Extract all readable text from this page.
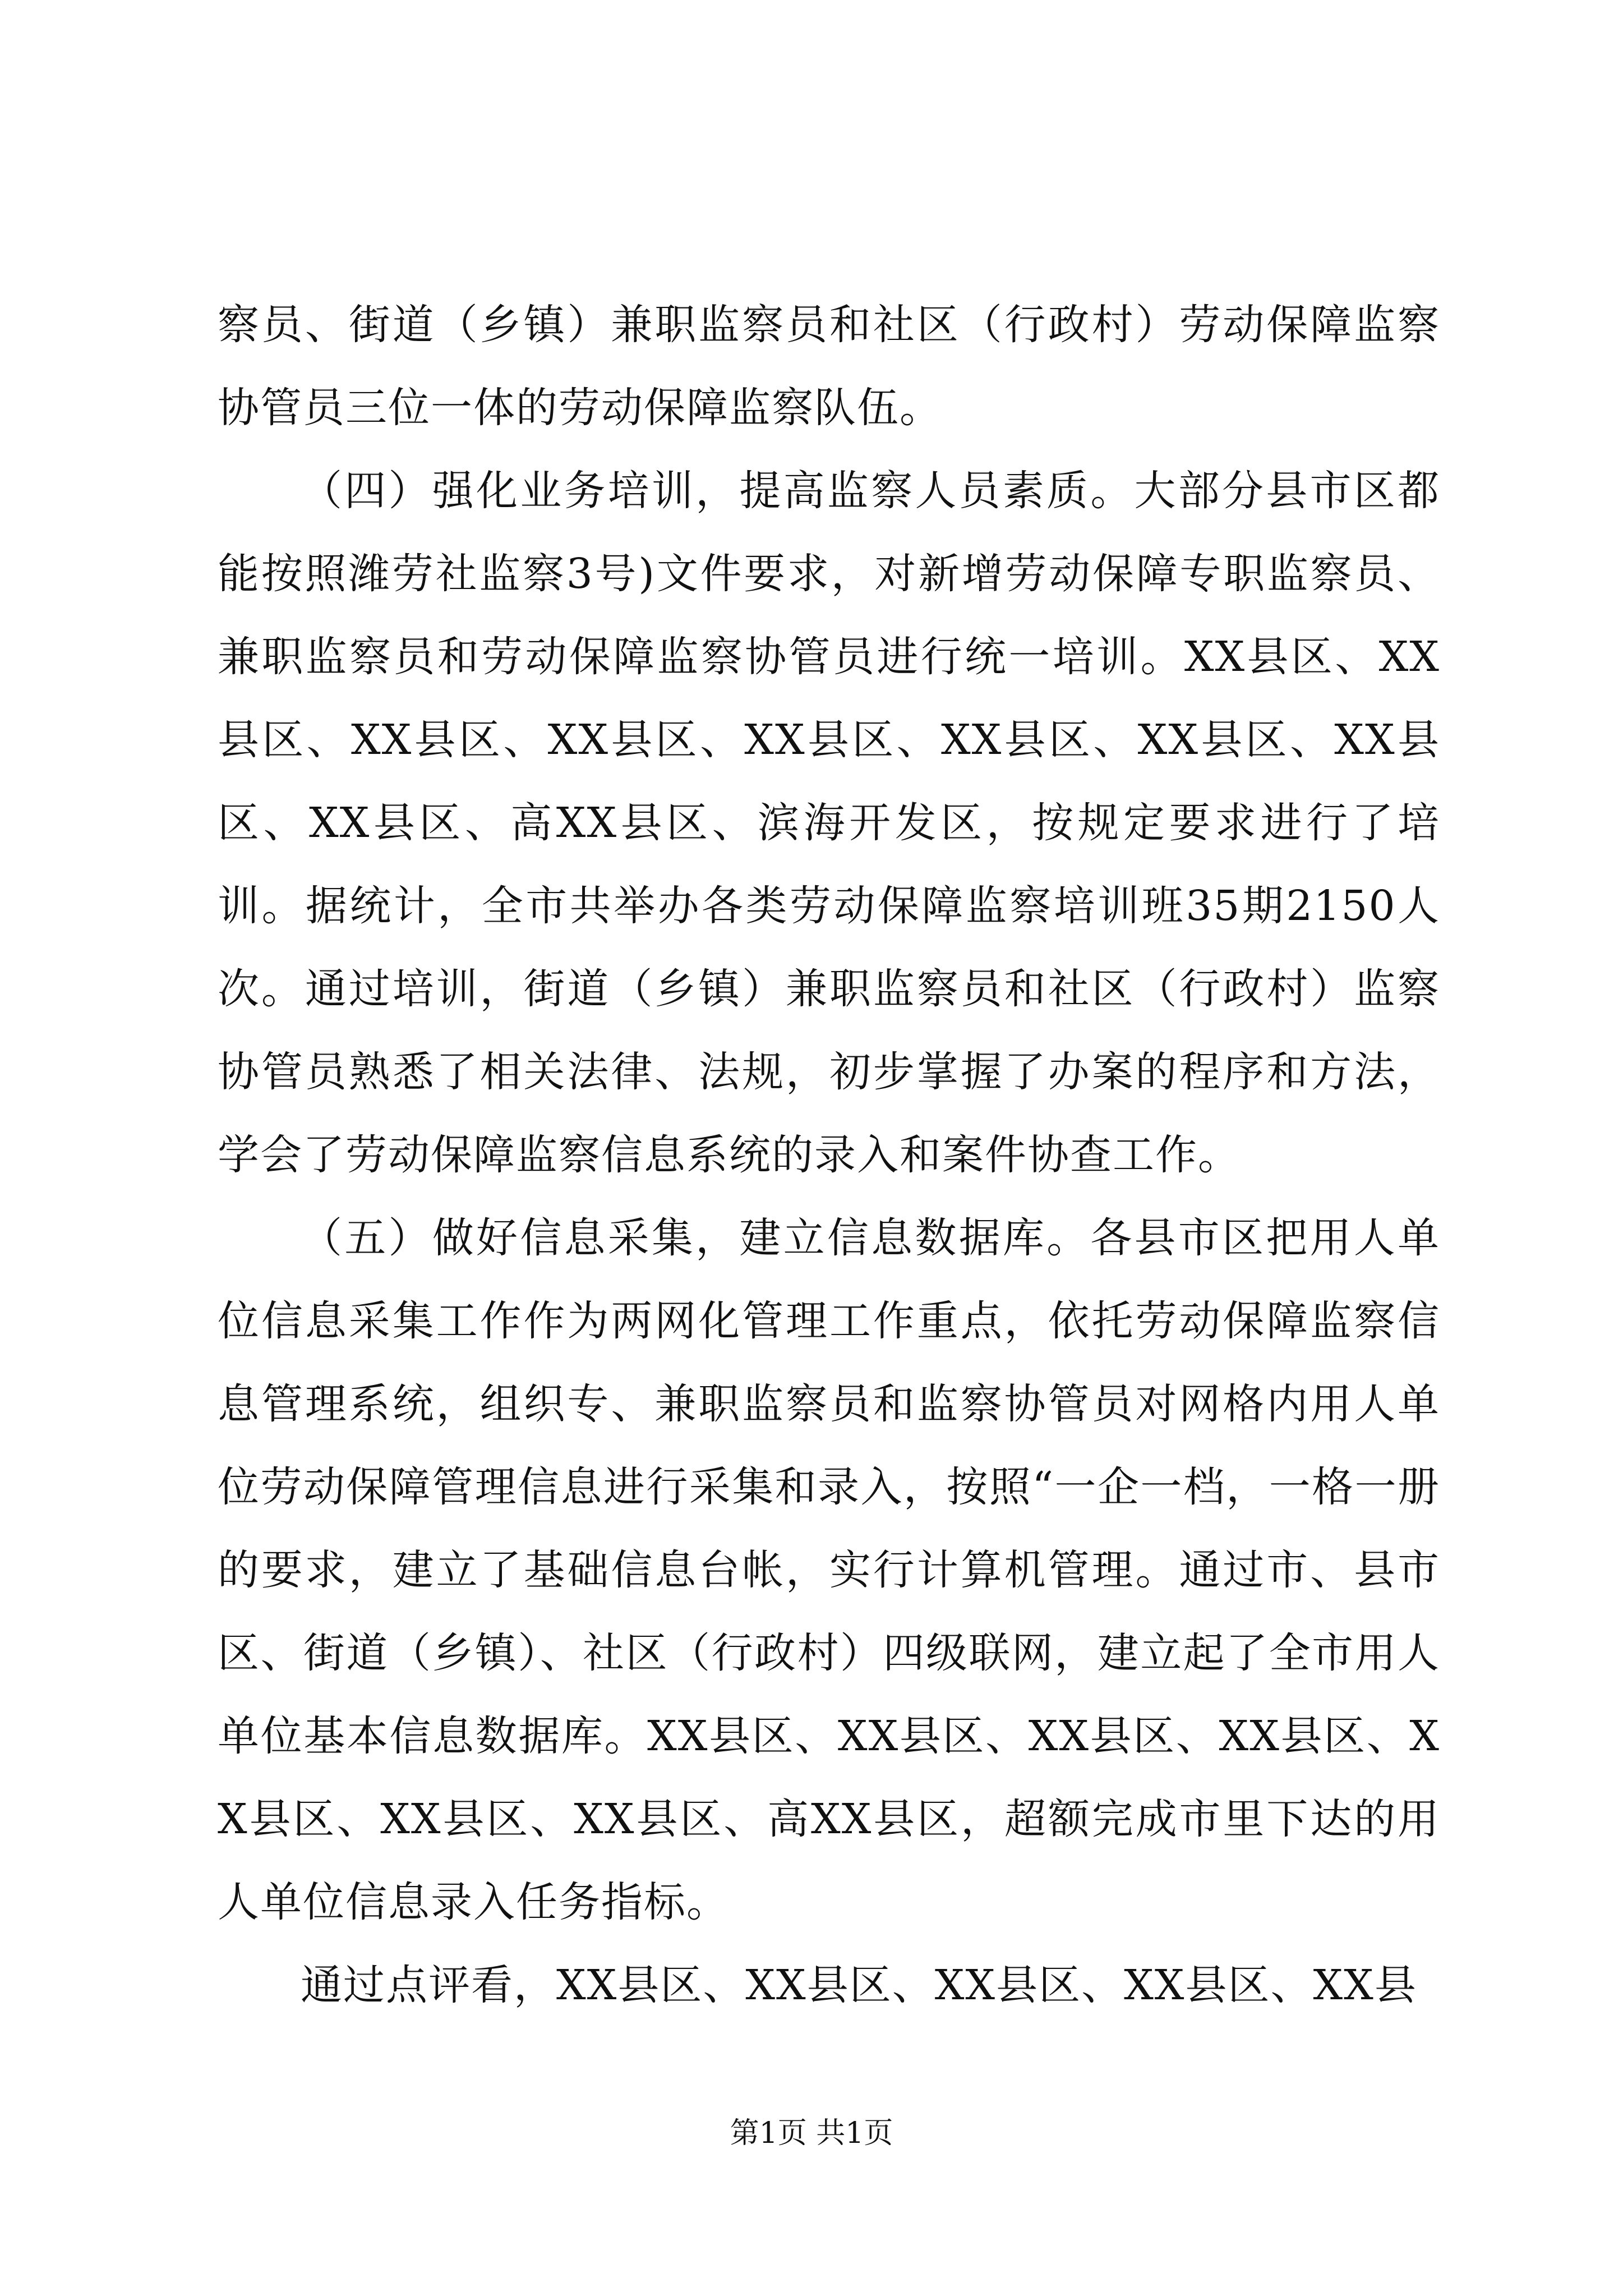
察员、街道（乡镇）兼职监察员和社区（行政村）劳动保障监察协管员三位一体的劳动保障监察队伍。

（四）强化业务培训，提高监察人员素质。大部分县市区都能按照潍劳社监察3号)文件要求，对新增劳动保障专职监察员、兼职监察员和劳动保障监察协管员进行统一培训。XX县区、XX县区、XX县区、XX县区、XX县区、XX县区、XX县区、XX县区、XX县区、高XX县区、滨海开发区，按规定要求进行了培训。据统计，全市共举办各类劳动保障监察培训班35期2150人次。通过培训，街道（乡镇）兼职监察员和社区（行政村）监察协管员熟悉了相关法律、法规，初步掌握了办案的程序和方法，学会了劳动保障监察信息系统的录入和案件协查工作。

（五）做好信息采集，建立信息数据库。各县市区把用人单位信息采集工作作为两网化管理工作重点，依托劳动保障监察信息管理系统，组织专、兼职监察员和监察协管员对网格内用人单位劳动保障管理信息进行采集和录入，按照“一企一档，一格一册的要求，建立了基础信息台帐，实行计算机管理。通过市、县市区、街道（乡镇）、社区（行政村）四级联网，建立起了全市用人单位基本信息数据库。XX县区、XX县区、XX县区、XX县区、XX县区、XX县区、XX县区、高XX县区，超额完成市里下达的用人单位信息录入任务指标。

通过点评看，XX县区、XX县区、XX县区、XX县区、XX县

第1页 共1页
